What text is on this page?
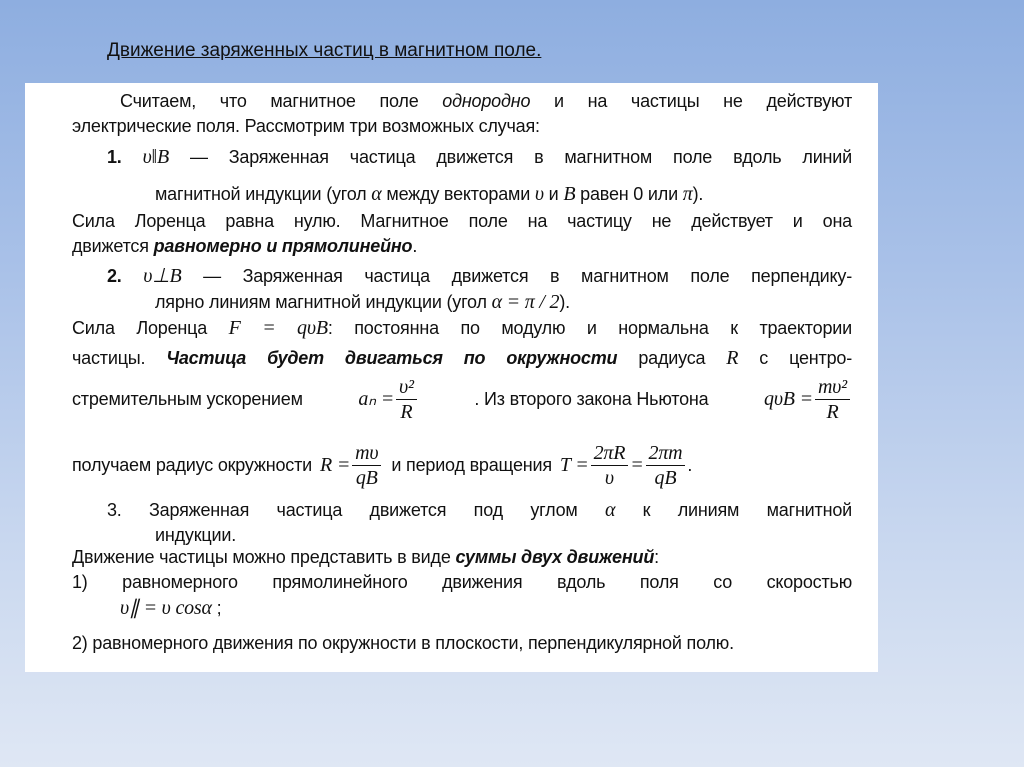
Движение заряженных частиц в магнитном поле.
Считаем, что магнитное поле однородно и на частицы не действуют
электрические поля. Рассмотрим три возможных случая:
1. υ‖B — Заряженная частица движется в магнитном поле вдоль линий
магнитной индукции (угол α между векторами υ и B равен 0 или π).
Сила Лоренца равна нулю. Магнитное поле на частицу не действует и она
движется равномерно и прямолинейно.
2. υ⊥B — Заряженная частица движется в магнитном поле перпендику-
лярно линиям магнитной индукции (угол α = π / 2).
Сила Лоренца F = qυB: постоянна по модулю и нормальна к траектории
частицы. Частица будет двигаться по окружности радиуса R с центро-
стремительным ускорением	$a_n = \frac{\text{υ²}}{R}$	. Из второго закона Ньютона	$q\upsilon B = \frac{\text{mυ²}}{R}$
получаем радиус окружности $R = \frac{m\upsilon}{qB}$ и период вращения $T = \frac{2\pi R}{\upsilon} = \frac{2\pi m}{qB}$ .
3. Заряженная частица движется под углом α к линиям магнитной
индукции.
Движение частицы можно представить в виде суммы двух движений:
1) равномерного прямолинейного движения вдоль поля со скоростью
υ∥ = υ cosα ;
2) равномерного движения по окружности в плоскости, перпендикулярной полю.
